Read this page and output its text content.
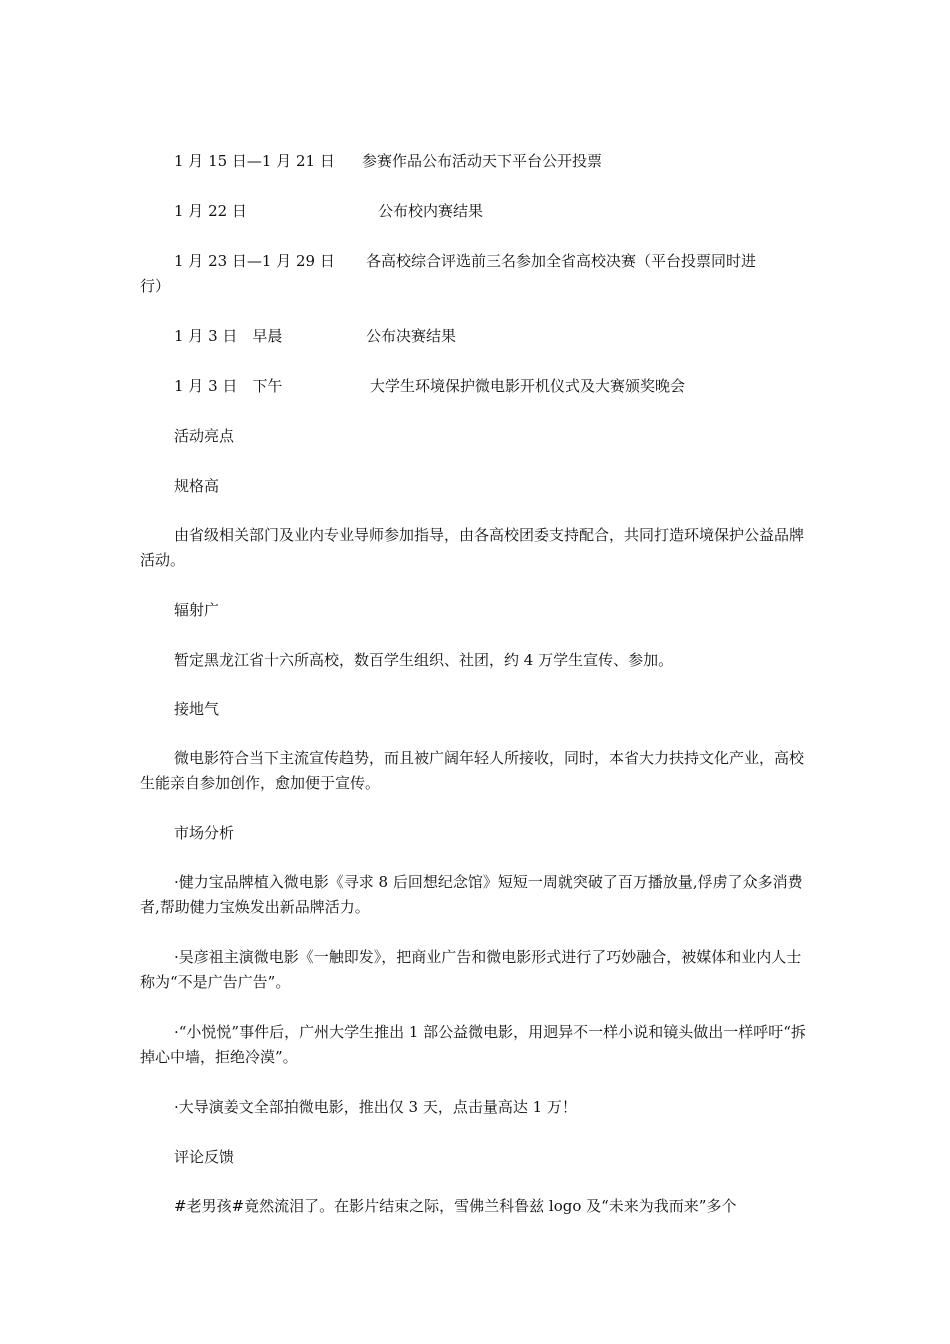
1 月 15 日—1 月 21 日 参赛作品公布活动天下平台公开投票
1 月 22 日	公布校内赛结果
1 月 23 日—1 月 29 日 各高校综合评选前三名参加全省高校决赛（平台投票同时进
行）
1 月 3 日　早晨	公布决赛结果
1 月 3 日　下午	大学生环境保护微电影开机仪式及大赛颁奖晚会
活动亮点
规格高
由省级相关部门及业内专业导师参加指导，由各高校团委支持配合，共同打造环境保护公益品牌活动。
辐射广
暂定黑龙江省十六所高校，数百学生组织、社团，约 4 万学生宣传、参加。
接地气
微电影符合当下主流宣传趋势，而且被广阔年轻人所接收，同时，本省大力扶持文化产业，高校生能亲自参加创作，愈加便于宣传。
市场分析
·健力宝品牌植入微电影《寻求 8 后回想纪念馆》短短一周就突破了百万播放量,俘虏了众多消费者,帮助健力宝焕发出新品牌活力。
·吴彦祖主演微电影《一触即发》，把商业广告和微电影形式进行了巧妙融合，被媒体和业内人士称为“不是广告广告”。
·“小悦悦”事件后，广州大学生推出 1 部公益微电影，用迥异不一样小说和镜头做出一样呼吁“拆掉心中墙，拒绝冷漠”。
·大导演姜文全部拍微电影，推出仅 3 天，点击量高达 1 万！
评论反馈
#老男孩#竟然流泪了。在影片结束之际，雪佛兰科鲁兹 logo 及“未来为我而来”多个
